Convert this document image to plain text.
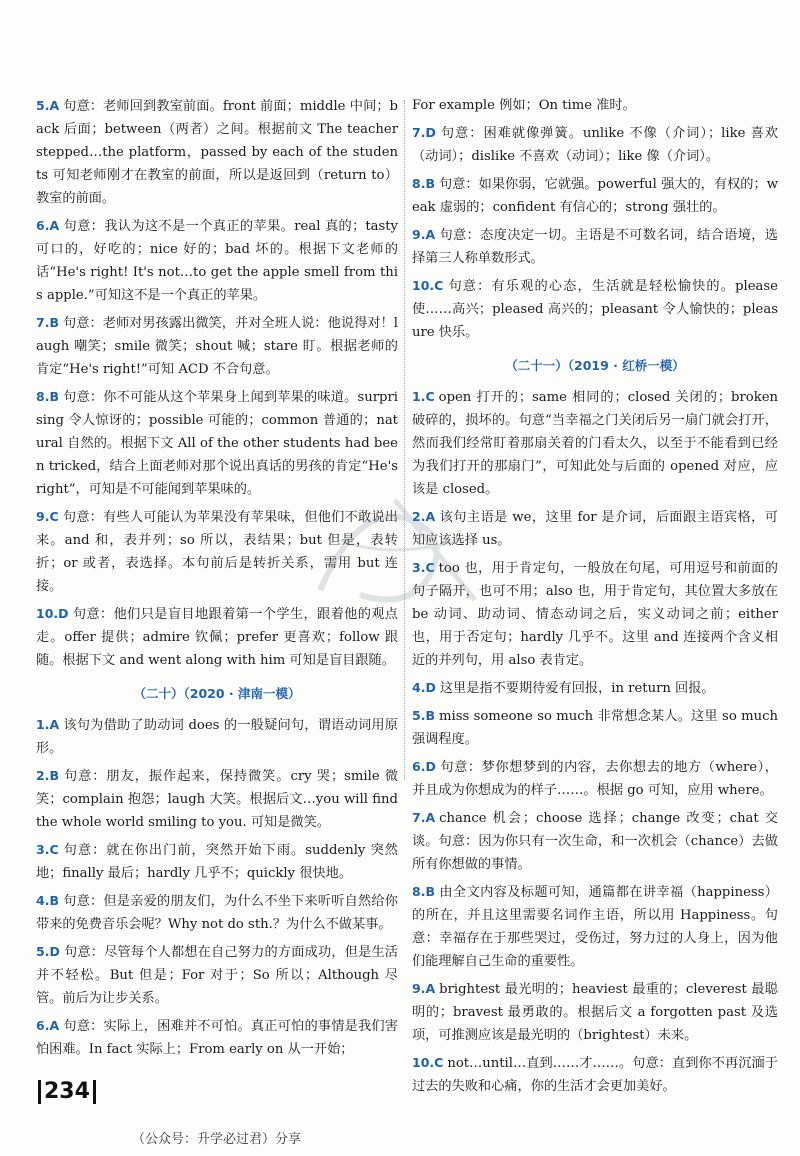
5.A 句意：老师回到教室前面。front 前面；middle 中间；back 后面；between（两者）之间。根据前文 The teacher stepped…the platform，passed by each of the students 可知老师刚才在教室的前面，所以是返回到（return to）教室的前面。
6.A 句意：我认为这不是一个真正的苹果。real 真的；tasty 可口的，好吃的；nice 好的；bad 坏的。根据下文老师的话“He's right! It's not…to get the apple smell from this apple.”可知这不是一个真正的苹果。
7.B 句意：老师对男孩露出微笑，并对全班人说：他说得对！laugh 嘲笑；smile 微笑；shout 喊；stare 盯。根据老师的肯定“He's right!”可知 ACD 不合句意。
8.B 句意：你不可能从这个苹果身上闻到苹果的味道。surprising 令人惊讶的；possible 可能的；common 普通的；natural 自然的。根据下文 All of the other students had been tricked，结合上面老师对那个说出真话的男孩的肯定“He's right”，可知是不可能闻到苹果味的。
9.C 句意：有些人可能认为苹果没有苹果味，但他们不敢说出来。and 和，表并列；so 所以，表结果；but 但是，表转折；or 或者，表选择。本句前后是转折关系，需用 but 连接。
10.D 句意：他们只是盲目地跟着第一个学生，跟着他的观点走。offer 提供；admire 钦佩；prefer 更喜欢；follow 跟随。根据下文 and went along with him 可知是盲目跟随。
（二十）（2020 · 津南一模）
1.A 该句为借助了助动词 does 的一般疑问句，谓语动词用原形。
2.B 句意：朋友，振作起来，保持微笑。cry 哭；smile 微笑；complain 抱怨；laugh 大笑。根据后文…you will find the whole world smiling to you. 可知是微笑。
3.C 句意：就在你出门前，突然开始下雨。suddenly 突然地；finally 最后；hardly 几乎不；quickly 很快地。
4.B 句意：但是亲爱的朋友们，为什么不坐下来听听自然给你带来的免费音乐会呢？Why not do sth.？为什么不做某事。
5.D 句意：尽管每个人都想在自己努力的方面成功，但是生活并不轻松。But 但是；For 对于；So 所以；Although 尽管。前后为让步关系。
6.A 句意：实际上，困难并不可怕。真正可怕的事情是我们害怕困难。In fact 实际上；From early on 从一开始；
For example 例如；On time 准时。
7.D 句意：困难就像弹簧。unlike 不像（介词）；like 喜欢（动词）；dislike 不喜欢（动词）；like 像（介词）。
8.B 句意：如果你弱，它就强。powerful 强大的，有权的；weak 虚弱的；confident 有信心的；strong 强壮的。
9.A 句意：态度决定一切。主语是不可数名词，结合语境，选择第三人称单数形式。
10.C 句意：有乐观的心态，生活就是轻松愉快的。please 使……高兴；pleased 高兴的；pleasant 令人愉快的；pleasure 快乐。
（二十一）（2019 · 红桥一模）
1.C open 打开的；same 相同的；closed 关闭的；broken 破碎的，损坏的。句意“当幸福之门关闭后另一扇门就会打开，然而我们经常盯着那扇关着的门看太久，以至于不能看到已经为我们打开的那扇门”，可知此处与后面的 opened 对应，应该是 closed。
2.A 该句主语是 we，这里 for 是介词，后面跟主语宾格，可知应该选择 us。
3.C too 也，用于肯定句，一般放在句尾，可用逗号和前面的句子隔开，也可不用；also 也，用于肯定句，其位置大多放在 be 动词、助动词、情态动词之后，实义动词之前；either 也，用于否定句；hardly 几乎不。这里 and 连接两个含义相近的并列句，用 also 表肯定。
4.D 这里是指不要期待爱有回报，in return 回报。
5.B miss someone so much 非常想念某人。这里 so much 强调程度。
6.D 句意：梦你想梦到的内容，去你想去的地方（where），并且成为你想成为的样子……。根据 go 可知，应用 where。
7.A chance 机会；choose 选择；change 改变；chat 交谈。句意：因为你只有一次生命，和一次机会（chance）去做所有你想做的事情。
8.B 由全文内容及标题可知，通篇都在讲幸福（happiness）的所在，并且这里需要名词作主语，所以用 Happiness。句意：幸福存在于那些哭过，受伤过，努力过的人身上，因为他们能理解自己生命的重要性。
9.A brightest 最光明的；heaviest 最重的；cleverest 最聪明的；bravest 最勇敢的。根据后文 a forgotten past 及选项，可推测应该是最光明的（brightest）未来。
10.C not…until…直到……才……。句意：直到你不再沉湎于过去的失败和心痛，你的生活才会更加美好。
234
（公众号：升学必过君）分享
